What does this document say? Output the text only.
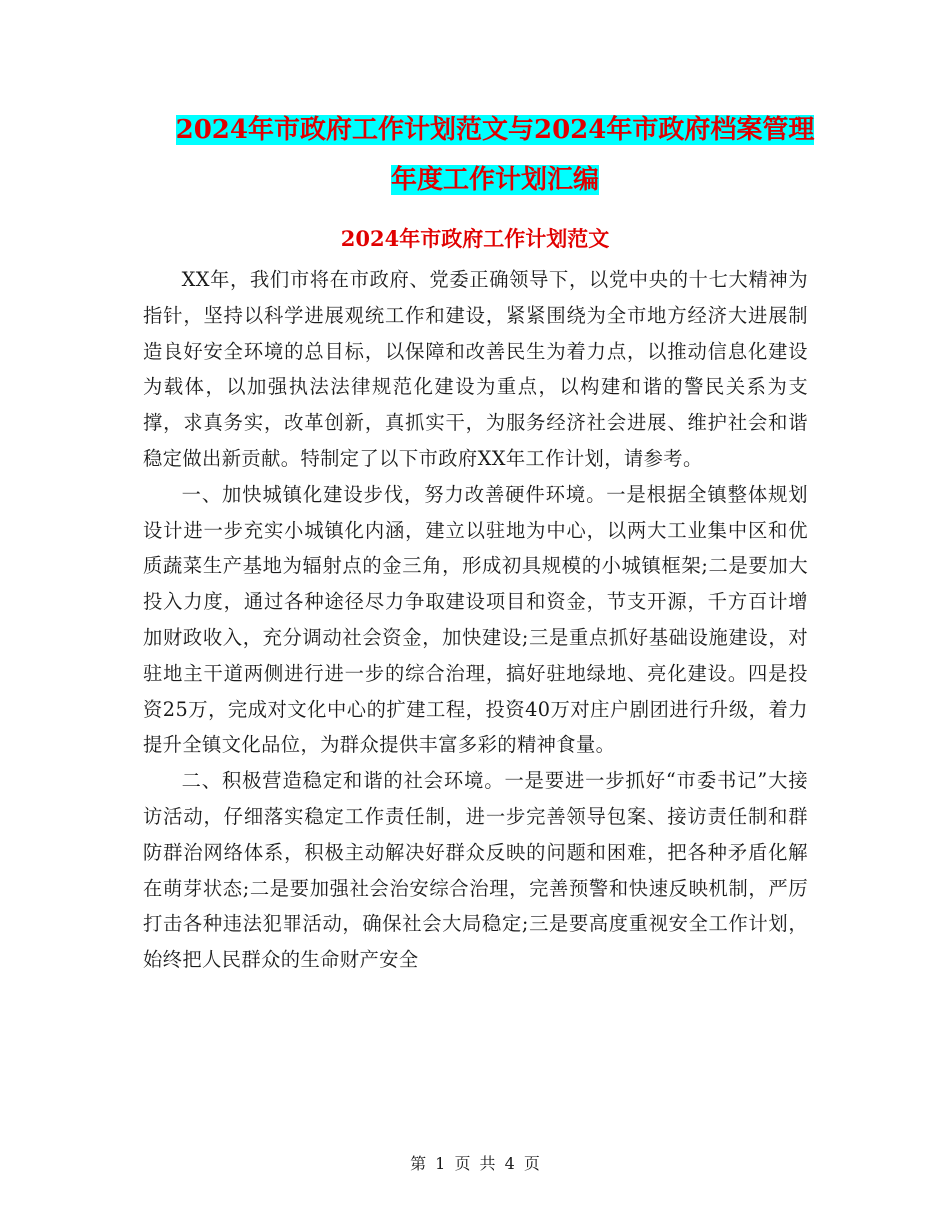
2024年市政府工作计划范文与2024年市政府档案管理
年度工作计划汇编
2024年市政府工作计划范文

XX年，我们市将在市政府、党委正确领导下，以党中央的十七大精神为指针，坚持以科学进展观统工作和建设，紧紧围绕为全市地方经济大进展制造良好安全环境的总目标，以保障和改善民生为着力点，以推动信息化建设为载体，以加强执法法律规范化建设为重点，以构建和谐的警民关系为支撑，求真务实，改革创新，真抓实干，为服务经济社会进展、维护社会和谐稳定做出新贡献。特制定了以下市政府XX年工作计划，请参考。

一、加快城镇化建设步伐，努力改善硬件环境。一是根据全镇整体规划设计进一步充实小城镇化内涵，建立以驻地为中心，以两大工业集中区和优质蔬菜生产基地为辐射点的金三角，形成初具规模的小城镇框架;二是要加大投入力度，通过各种途径尽力争取建设项目和资金，节支开源，千方百计增加财政收入，充分调动社会资金，加快建设;三是重点抓好基础设施建设，对驻地主干道两侧进行进一步的综合治理，搞好驻地绿地、亮化建设。四是投资25万，完成对文化中心的扩建工程，投资40万对庄户剧团进行升级，着力提升全镇文化品位，为群众提供丰富多彩的精神食量。

二、积极营造稳定和谐的社会环境。一是要进一步抓好“市委书记”大接访活动，仔细落实稳定工作责任制，进一步完善领导包案、接访责任制和群防群治网络体系，积极主动解决好群众反映的问题和困难，把各种矛盾化解在萌芽状态;二是要加强社会治安综合治理，完善预警和快速反映机制，严厉打击各种违法犯罪活动，确保社会大局稳定;三是要高度重视安全工作计划，始终把人民群众的生命财产安全

第 1 页 共 4 页
